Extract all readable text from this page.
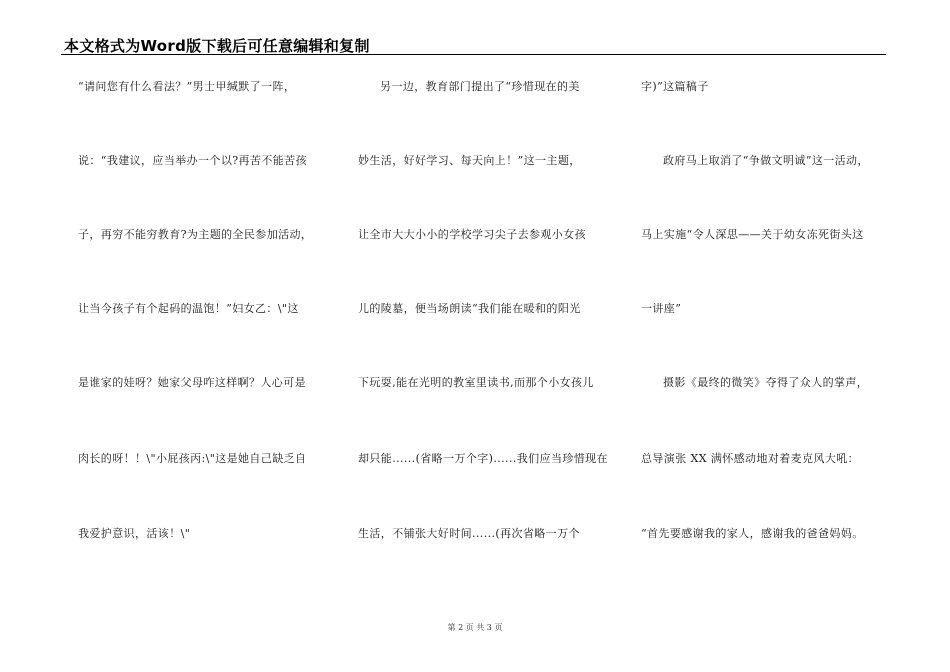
本文格式为Word版下载后可任意编辑和复制
“请问您有什么看法？”男士甲缄默了一阵，
说：“我建议，应当举办一个以?再苦不能苦孩
子，再穷不能穷教育?为主题的全民参加活动，
让当今孩子有个起码的温饱！”妇女乙：\"这
是谁家的娃呀？她家父母咋这样啊？人心可是
肉长的呀！！\"小屁孩丙:\"这是她自己缺乏自
我爱护意识，活该！\"
另一边，教育部门提出了“珍惜现在的美
妙生活，好好学习、每天向上！”这一主题，
让全市大大小小的学校学习尖子去参观小女孩
儿的陵墓，便当场朗读“我们能在暖和的阳光
下玩耍,能在光明的教室里读书,而那个小女孩儿
却只能......(省略一万个字)......我们应当珍惜现在
生活，不铺张大好时间......(再次省略一万个
字)”这篇稿子
政府马上取消了“争做文明诚”这一活动，
马上实施“令人深思——关于幼女冻死街头这
一讲座”
摄影《最终的微笑》夺得了众人的掌声，
总导演张 XX 满怀感动地对着麦克风大吼：
“首先要感谢我的家人，感谢我的爸爸妈妈。
第 2 页 共 3 页
